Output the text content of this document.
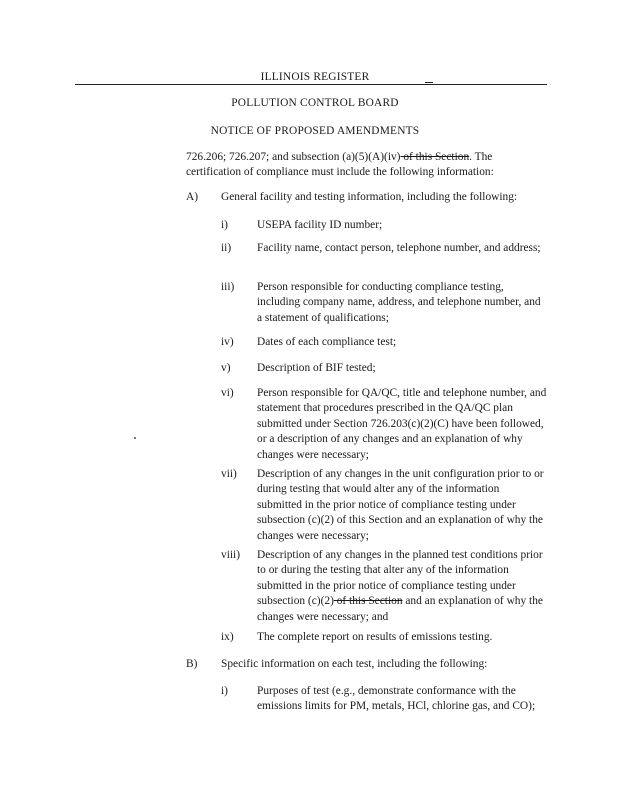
ILLINOIS REGISTER
POLLUTION CONTROL BOARD
NOTICE OF PROPOSED AMENDMENTS
726.206; 726.207; and subsection (a)(5)(A)(iv) of this Section. The
certification of compliance must include the following information:
A) General facility and testing information, including the following:
i)	USEPA facility ID number;
ii) Facility name, contact person, telephone number, and address;
iii) Person responsible for conducting compliance testing, including company name, address, and telephone number, and a statement of qualifications;
iv) Dates of each compliance test;
v) Description of BIF tested;
vi) Person responsible for QA/QC, title and telephone number, and statement that procedures prescribed in the QA/QC plan submitted under Section 726.203(c)(2)(C) have been followed, or a description of any changes and an explanation of why changes were necessary;
vii) Description of any changes in the unit configuration prior to or during testing that would alter any of the information submitted in the prior notice of compliance testing under subsection (c)(2) of this Section and an explanation of why the changes were necessary;
viii) Description of any changes in the planned test conditions prior to or during the testing that alter any of the information submitted in the prior notice of compliance testing under subsection (c)(2) of this Section and an explanation of why the changes were necessary; and
ix) The complete report on results of emissions testing.
B) Specific information on each test, including the following:
i)	Purposes of test (e.g., demonstrate conformance with the emissions limits for PM, metals, HCl, chlorine gas, and CO);
